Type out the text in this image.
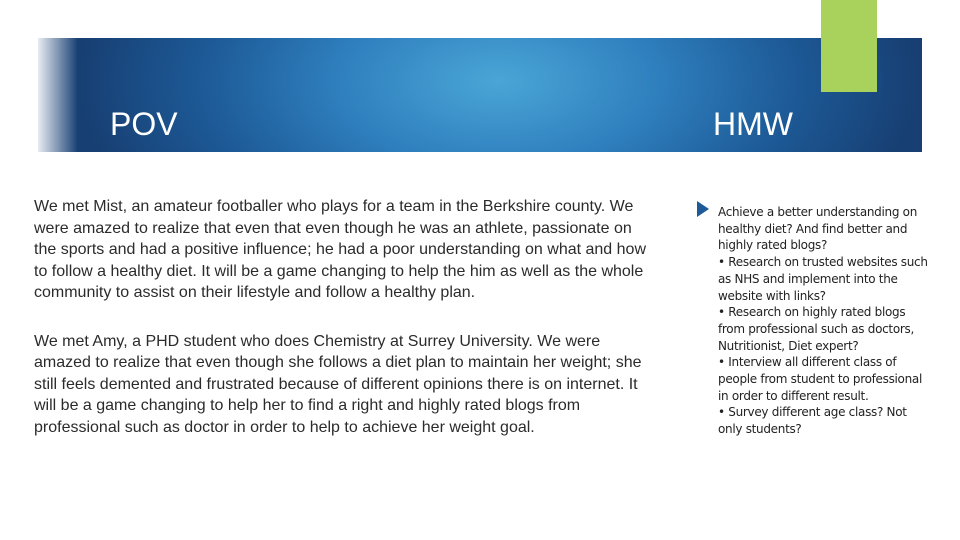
POV	HMW

We met Mist, an amateur footballer who plays for a team in the Berkshire county. We were amazed to realize that even that even though he was an athlete, passionate on the sports and had a positive influence; he had a poor understanding on what and how to follow a healthy diet. It will be a game changing to help the him as well as the whole community to assist on their lifestyle and follow a healthy plan.

We met Amy, a PHD student who does Chemistry at Surrey University. We were amazed to realize that even though she follows a diet plan to maintain her weight; she still feels demented and frustrated because of different opinions there is on internet. It will be a game changing to help her to find a right and highly rated blogs from professional such as doctor in order to help to achieve her weight goal.

Achieve a better understanding on healthy diet? And find better and highly rated blogs?
• Research on trusted websites such as NHS and implement into the website with links?
• Research on highly rated blogs from professional such as doctors, Nutritionist, Diet expert?
• Interview all different class of people from student to professional in order to different result.
• Survey different age class? Not only students?
